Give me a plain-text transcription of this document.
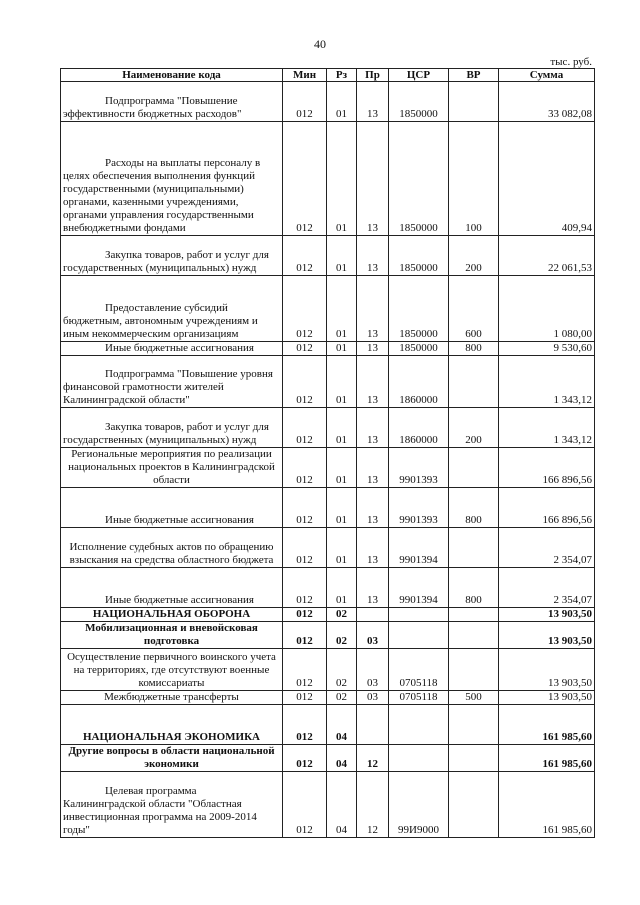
40
тыс. руб.
Наименование кода	Мин	Рз	Пр	ЦСР	ВР	Сумма

Подпрограмма "Повышение эффективности бюджетных расходов"	012	01	13	1850000		33 082,08

Расходы на выплаты персоналу в целях обеспечения выполнения функций государственными (муниципальными) органами, казенными учреждениями, органами управления государственными внебюджетными фондами	012	01	13	1850000	100	409,94

Закупка товаров, работ и услуг для государственных (муниципальных) нужд	012	01	13	1850000	200	22 061,53

Предоставление субсидий бюджетным, автономным учреждениям и иным некоммерческим организациям	012	01	13	1850000	600	1 080,00

Иные бюджетные ассигнования	012	01	13	1850000	800	9 530,60

Подпрограмма "Повышение уровня финансовой грамотности жителей Калининградской области"	012	01	13	1860000		1 343,12

Закупка товаров, работ и услуг для государственных (муниципальных) нужд	012	01	13	1860000	200	1 343,12
Региональные мероприятия по реализации национальных проектов в Калининградской области	012	01	13	9901393		166 896,56

Иные бюджетные ассигнования	012	01	13	9901393	800	166 896,56
Исполнение судебных актов по обращению взыскания на средства областного бюджета	012	01	13	9901394		2 354,07

Иные бюджетные ассигнования	012	01	13	9901394	800	2 354,07
НАЦИОНАЛЬНАЯ ОБОРОНА	012	02				13 903,50
Мобилизационная и вневойсковая подготовка	012	02	03			13 903,50
Осуществление первичного воинского учета на территориях, где отсутствуют военные комиссариаты	012	02	03	0705118		13 903,50
Межбюджетные трансферты	012	02	03	0705118	500	13 903,50
НАЦИОНАЛЬНАЯ ЭКОНОМИКА	012	04				161 985,60
Другие вопросы в области национальной экономики	012	04	12			161 985,60

Целевая программа Калининградской области "Областная инвестиционная программа на 2009-2014 годы"	012	04	12	99И9000		161 985,60
